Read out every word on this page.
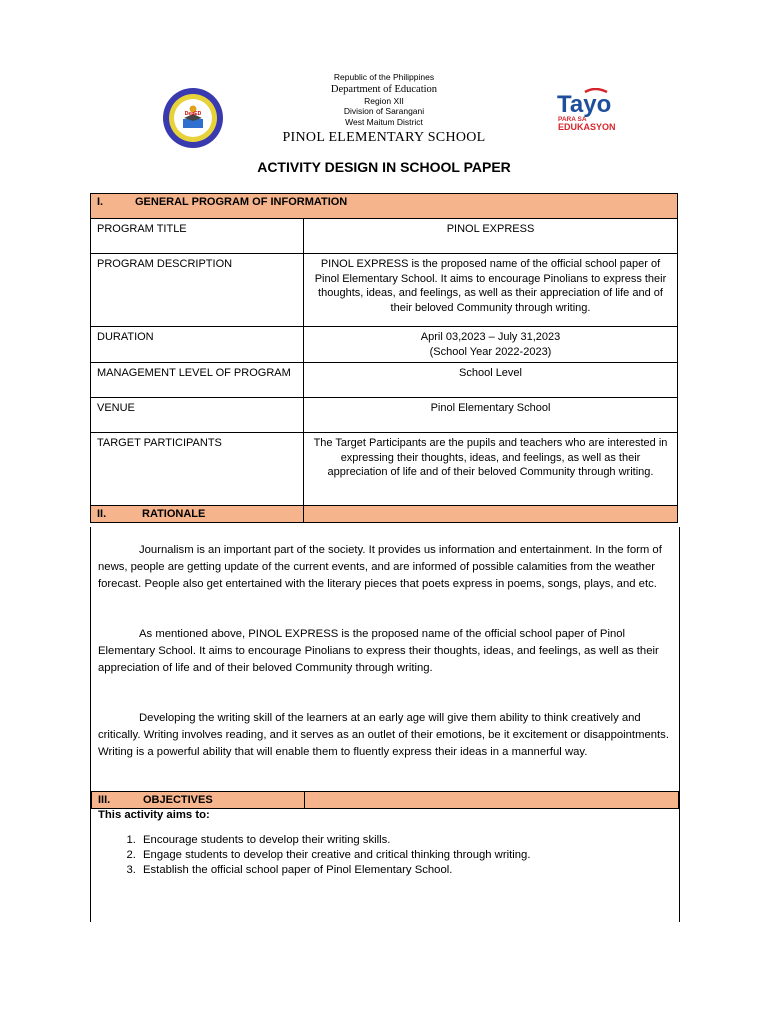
DepED	Tayo
PARA SA
EDUKASYON
Republic of the Philippines
Department of Education
Region XII
Division of Sarangani
West Maitum District
PINOL ELEMENTARY SCHOOL
ACTIVITY DESIGN IN SCHOOL PAPER
I. GENERAL PROGRAM OF INFORMATION	
PROGRAM TITLE	PINOL EXPRESS
PROGRAM DESCRIPTION	PINOL EXPRESS is the proposed name of the official school paper of Pinol Elementary School. It aims to encourage Pinolians to express their thoughts, ideas, and feelings, as well as their appreciation of life and of their beloved Community through writing.
DURATION	April 03,2023 – July 31,2023
(School Year 2022-2023)

MANAGEMENT LEVEL OF PROGRAM	School Level
VENUE	Pinol Elementary School
TARGET PARTICIPANTS	The Target Participants are the pupils and teachers who are interested in expressing their thoughts, ideas, and feelings, as well as their appreciation of life and of their beloved Community through writing.
II. RATIONALE	
Journalism is an important part of the society. It provides us information and entertainment. In the form of news, people are getting update of the current events, and are informed of possible calamities from the weather forecast. People also get entertained with the literary pieces that poets express in poems, songs, plays, and etc.
As mentioned above, PINOL EXPRESS is the proposed name of the official school paper of Pinol Elementary School. It aims to encourage Pinolians to express their thoughts, ideas, and feelings, as well as their appreciation of life and of their beloved Community through writing.
Developing the writing skill of the learners at an early age will give them ability to think creatively and critically. Writing involves reading, and it serves as an outlet of their emotions, be it excitement or disappointments. Writing is a powerful ability that will enable them to fluently express their ideas in a mannerful way.
III.	OBJECTIVES	
This activity aims to:
1. Encourage students to develop their writing skills.
2. Engage students to develop their creative and critical thinking through writing.
3. Establish the official school paper of Pinol Elementary School.
